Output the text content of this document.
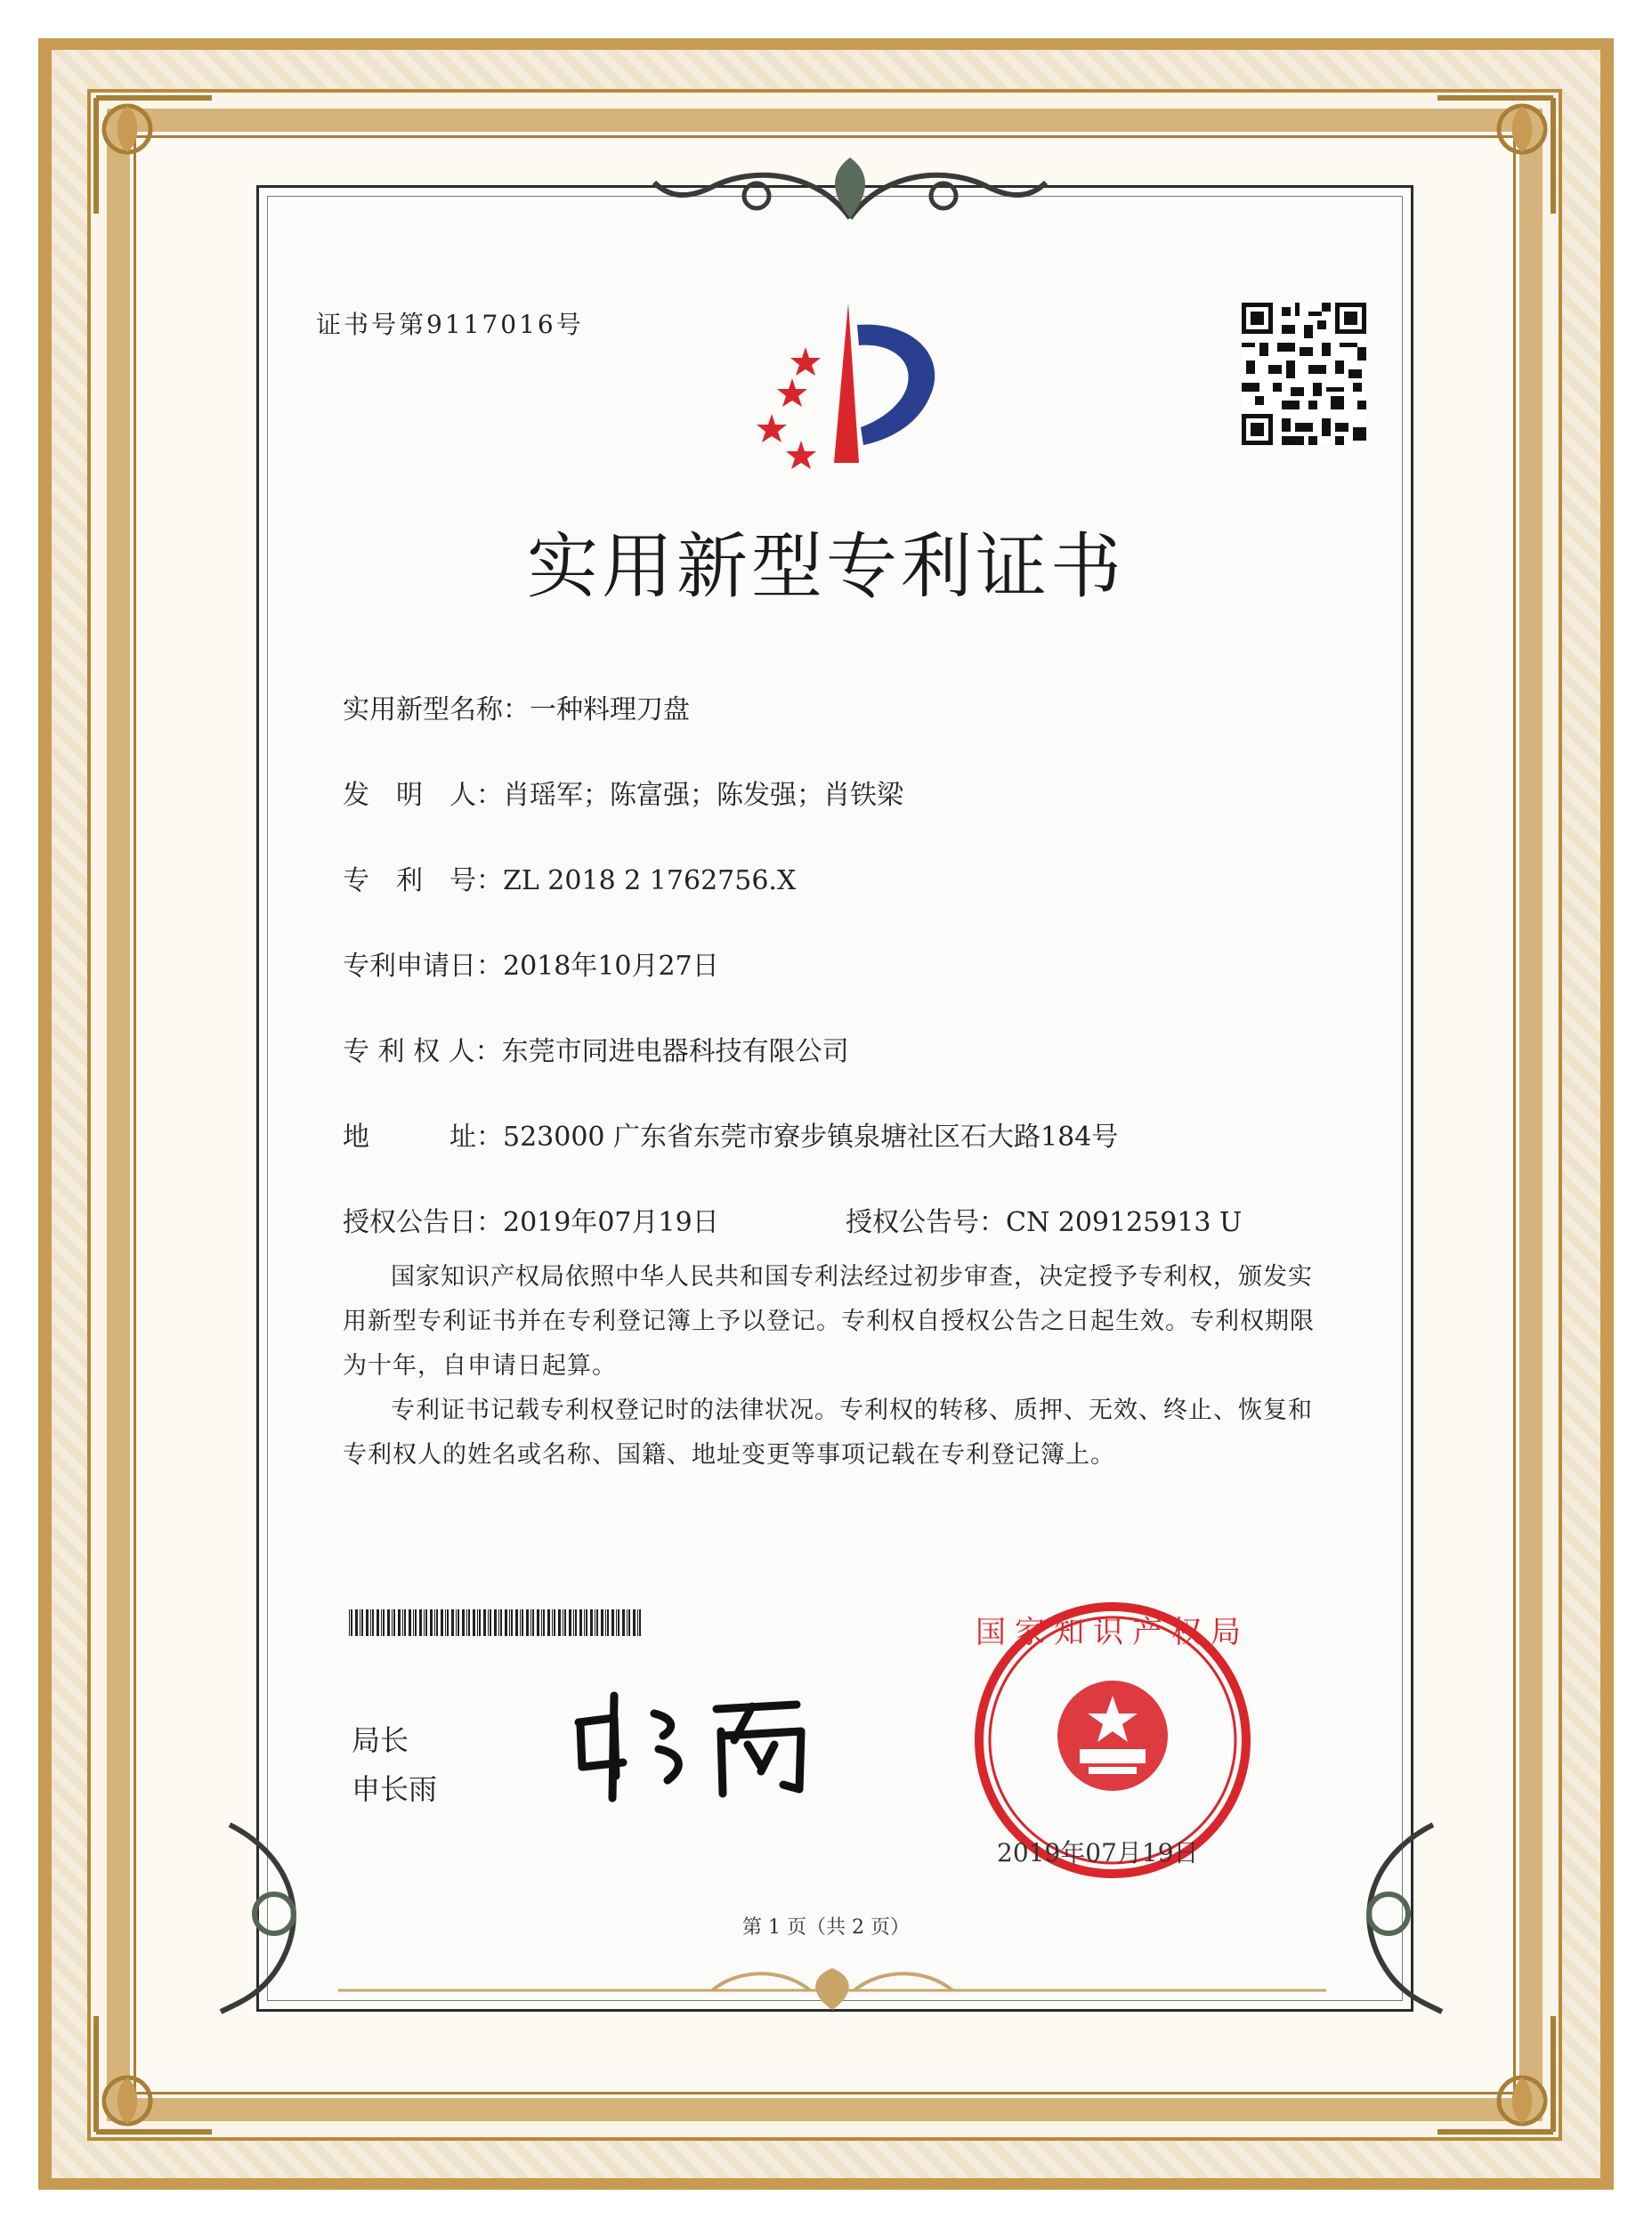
证书号第9117016号
实用新型专利证书
实用新型名称：一种料理刀盘
发　明　人：肖瑶军；陈富强；陈发强；肖铁梁
专　利　号：ZL 2018 2 1762756.X
专利申请日：2018年10月27日
专 利 权 人：东莞市同进电器科技有限公司
地　　　址：523000 广东省东莞市寮步镇泉塘社区石大路184号
授权公告日：2019年07月19日	授权公告号：CN 209125913 U
国家知识产权局依照中华人民共和国专利法经过初步审查，决定授予专利权，颁发实用新型专利证书并在专利登记簿上予以登记。专利权自授权公告之日起生效。专利权期限为十年，自申请日起算。
专利证书记载专利权登记时的法律状况。专利权的转移、质押、无效、终止、恢复和专利权人的姓名或名称、国籍、地址变更等事项记载在专利登记簿上。
局长
申长雨
国家知识产权局
2019年07月19日
第 1 页（共 2 页）
